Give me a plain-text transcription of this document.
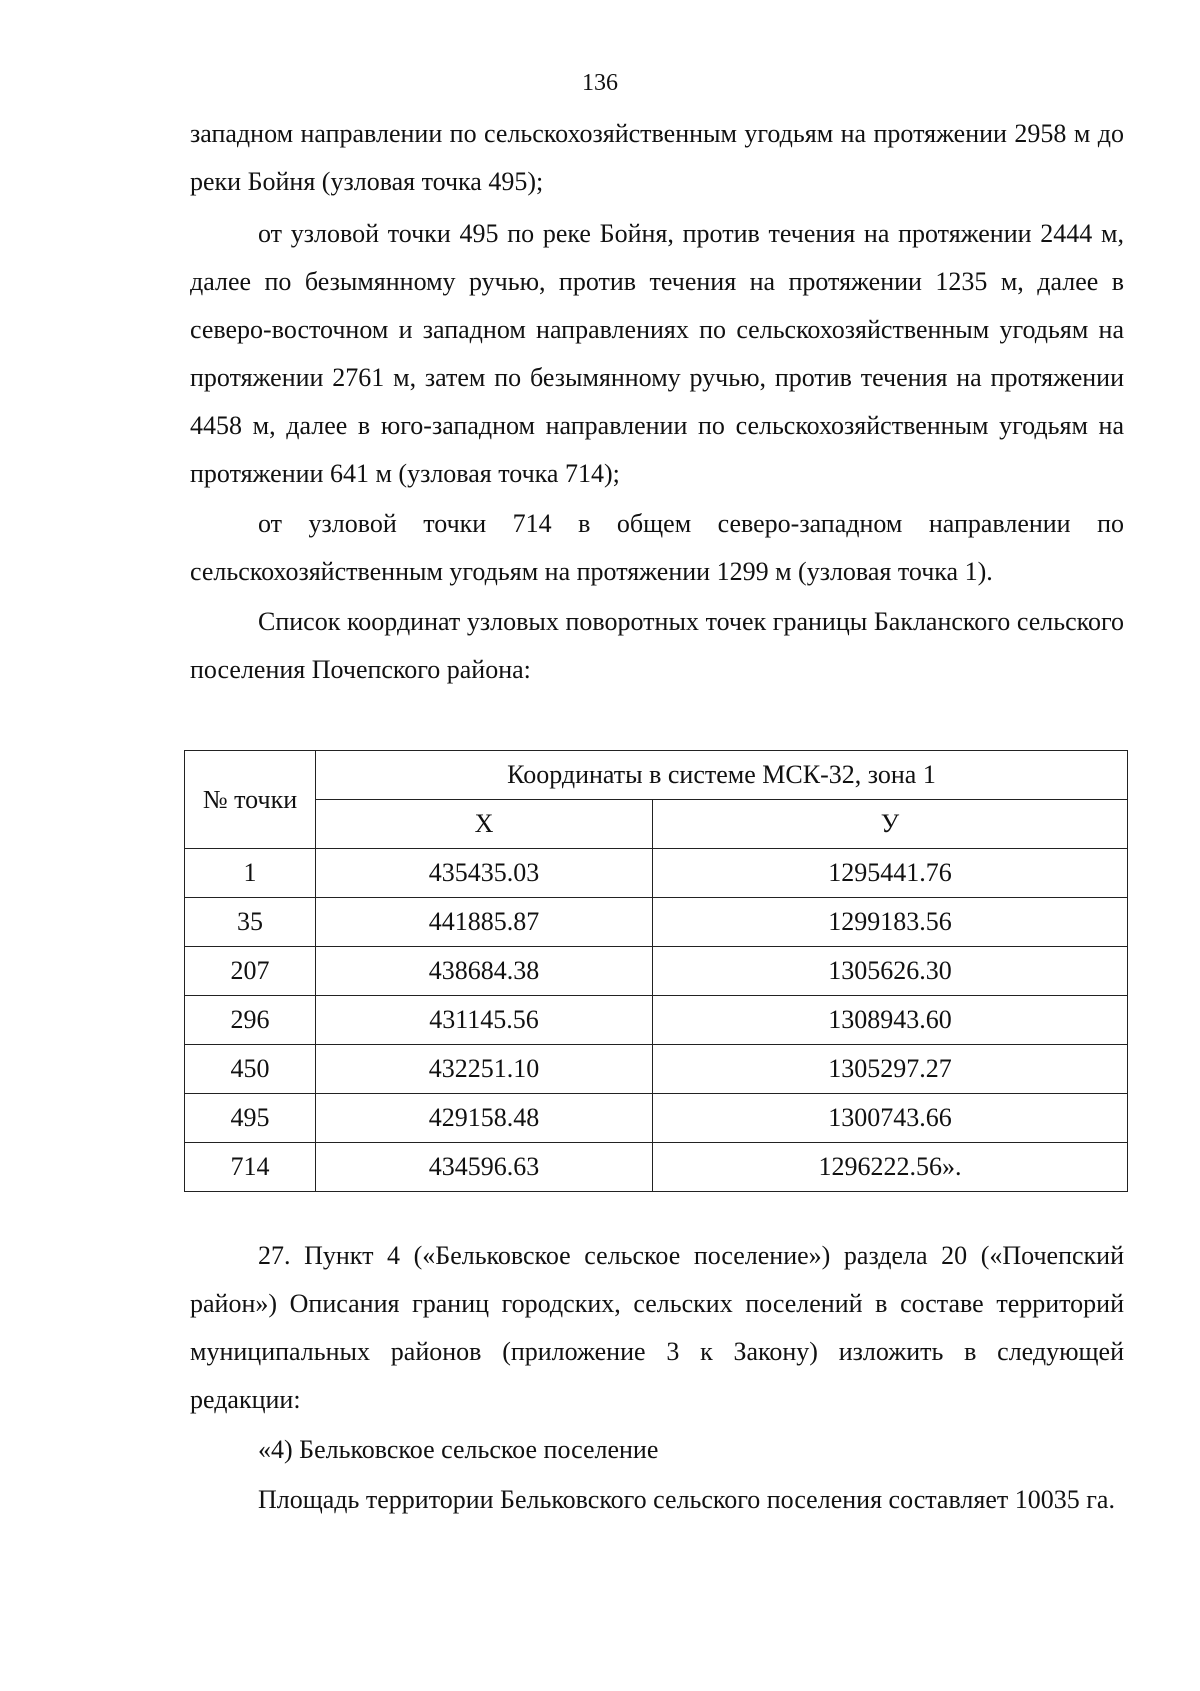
136

западном направлении по сельскохозяйственным угодьям на протяжении 2958 м до реки Бойня (узловая точка 495);

от узловой точки 495 по реке Бойня, против течения на протяжении 2444 м, далее по безымянному ручью, против течения на протяжении 1235 м, далее в северо-восточном и западном направлениях по сельскохозяйственным угодьям на протяжении 2761 м, затем по безымянному ручью, против течения на протяжении 4458 м, далее в юго-западном направлении по сельскохозяйственным угодьям на протяжении 641 м (узловая точка 714);

от узловой точки 714 в общем северо-западном направлении по сельскохозяйственным угодьям на протяжении 1299 м (узловая точка 1).

Список координат узловых поворотных точек границы Бакланского сельского поселения Почепского района:

№ точки	Координаты в системе МСК-32, зона 1	
	Х	У
1	435435.03	1295441.76
35	441885.87	1299183.56
207	438684.38	1305626.30
296	431145.56	1308943.60
450	432251.10	1305297.27
495	429158.48	1300743.66
714	434596.63	1296222.56».

27. Пункт 4 («Бельковское сельское поселение») раздела 20 («Почепский район») Описания границ городских, сельских поселений в составе территорий муниципальных районов (приложение 3 к Закону) изложить в следующей редакции:

«4) Бельковское сельское поселение

Площадь территории Бельковского сельского поселения составляет 10035 га.
